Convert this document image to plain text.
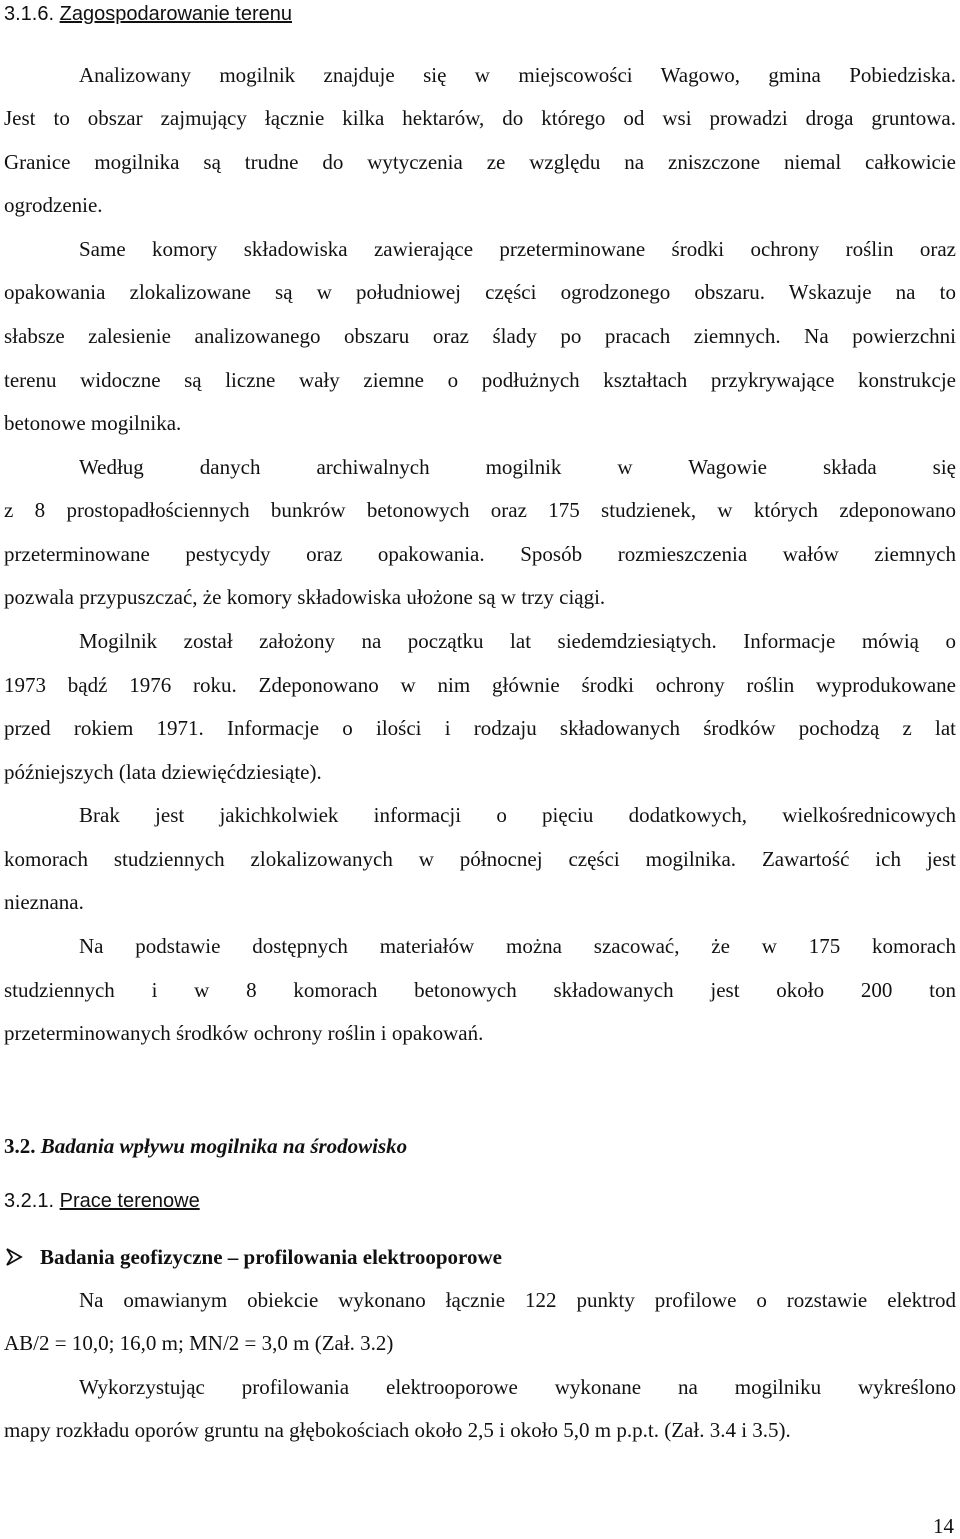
3.1.6. Zagospodarowanie terenu
Analizowany mogilnik znajduje się w miejscowości Wagowo, gmina Pobiedziska.
Jest to obszar zajmujący łącznie kilka hektarów, do którego od wsi prowadzi droga gruntowa.
Granice mogilnika są trudne do wytyczenia ze względu na zniszczone niemal całkowicie
ogrodzenie.
Same komory składowiska zawierające przeterminowane środki ochrony roślin oraz
opakowania zlokalizowane są w południowej części ogrodzonego obszaru. Wskazuje na to
słabsze zalesienie analizowanego obszaru oraz ślady po pracach ziemnych. Na powierzchni
terenu widoczne są liczne wały ziemne o podłużnych kształtach przykrywające konstrukcje
betonowe mogilnika.
Według danych archiwalnych mogilnik w Wagowie składa się
z 8 prostopadłościennych bunkrów betonowych oraz 175 studzienek, w których zdeponowano
przeterminowane pestycydy oraz opakowania. Sposób rozmieszczenia wałów ziemnych
pozwala przypuszczać, że komory składowiska ułożone są w trzy ciągi.
Mogilnik został założony na początku lat siedemdziesiątych. Informacje mówią o
1973 bądź 1976 roku. Zdeponowano w nim głównie środki ochrony roślin wyprodukowane
przed rokiem 1971. Informacje o ilości i rodzaju składowanych środków pochodzą z lat
późniejszych (lata dziewięćdziesiąte).
Brak jest jakichkolwiek informacji o pięciu dodatkowych, wielkośrednicowych
komorach studziennych zlokalizowanych w północnej części mogilnika. Zawartość ich jest
nieznana.
Na podstawie dostępnych materiałów można szacować, że w 175 komorach
studziennych i w 8 komorach betonowych składowanych jest około 200 ton
przeterminowanych środków ochrony roślin i opakowań.
3.2. Badania wpływu mogilnika na środowisko
3.2.1. Prace terenowe
Badania geofizyczne – profilowania elektrooporowe
Na omawianym obiekcie wykonano łącznie 122 punkty profilowe o rozstawie elektrod
AB/2 = 10,0; 16,0 m; MN/2 = 3,0 m (Zał. 3.2)
Wykorzystując profilowania elektrooporowe wykonane na mogilniku wykreślono
mapy rozkładu oporów gruntu na głębokościach około 2,5 i około 5,0 m p.p.t. (Zał. 3.4 i 3.5).
14
